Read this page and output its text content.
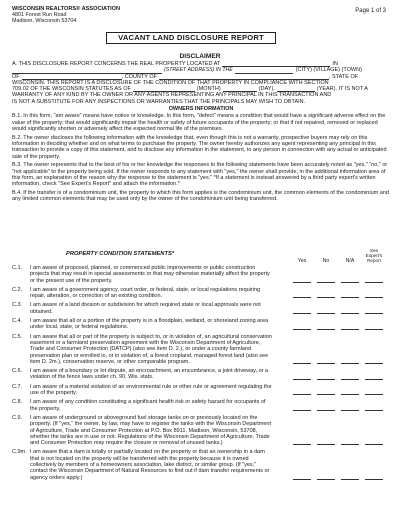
WISCONSIN REALTORS® ASSOCIATION
4801 Forest Run Road
Madison, Wisconsin 53704
Page 1 of 3
VACANT LAND DISCLOSURE REPORT
DISCLAIMER
A. THIS DISCLOSURE REPORT CONCERNS THE REAL PROPERTY LOCATED AT	IN
(STREET ADDRESS) IN THE	(CITY) (VILLAGE) (TOWN)
OF	, COUNTY OF	, STATE OF
WISCONSIN. THIS REPORT IS A DISCLOSURE OF THE CONDITION OF THAT PROPERTY IN COMPLIANCE WITH SECTION
709.02 OF THE WISCONSIN STATUTES AS OF	(MONTH)	(DAY),	(YEAR). IT IS NOT A
WARRANTY OF ANY KIND BY THE OWNER OR ANY AGENTS REPRESENTING ANY PRINCIPAL IN THIS TRANSACTION AND
IS NOT A SUBSTITUTE FOR ANY INSPECTIONS OR WARRANTIES THAT THE PRINCIPALS MAY WISH TO OBTAIN.
OWNERS INFORMATION
B.1. In this form, "am aware" means have notice or knowledge. In this form, "defect" means a condition that would have a significant adverse effect on the value of the property; that would significantly impair the health or safety of future occupants of the property; or that if not repaired, removed or replaced would significantly shorten or adversely affect the expected normal life of the premises.
B.2. The owner discloses the following information with the knowledge that, even though this is not a warranty, prospective buyers may rely on this information in deciding whether and on what terms to purchase the property. The owner hereby authorizes any agent representing any principal in this transaction to provide a copy of this statement, and to disclose any information in the statement, to any person in connection with any actual or anticipated sale of the property.
B.3. The owner represents that to the best of his or her knowledge the responses to the following statements have been accurately noted as "yes," "no," or "not applicable" to the property being sold. If the owner responds to any statement with "yes," the owner shall provide, in the additional information area of this form, an explanation of the reason why the response to the statement is "yes." *If a statement is instead answered by a third party expert's written information, check "See Expert's Report" and attach the information.*
B.4. If the transfer is of a condominium unit, the property to which this form applies is the condominium unit, the common elements of the condominium and any limited common elements that may be used only by the owner of the condominium unit being transferred.
PROPERTY CONDITION STATEMENTS*
Yes	No	N/A
See Expert's Report
C.1.	I am aware of proposed, planned, or commenced public improvements or public construction projects that may result in special assessments or that may otherwise materially affect the property or the present use of the property.
C.2.	I am aware of a government agency, court order, or federal, state, or local regulations requiring repair, alteration, or correction of an existing condition.
C.3.	I am aware of a land division or subdivision for which required state or local approvals were not obtained.
C.4.	I am aware that all or a portion of the property is in a floodplain, wetland, or shoreland zoning area under local, state, or federal regulations.
C.5.	I am aware that all or part of the property is subject to, or in violation of, an agricultural conservation easement or a farmland preservation agreement with the Wisconsin Department of Agriculture, Trade and Consumer Protection (DATCP) (also see item D. 2.), or under a county farmland preservation plan or enrolled in, or in violation of, a forest cropland, managed forest land (also see item D. 2m.), conservation reserve, or other comparable program.
C.6.	I am aware of a boundary or lot dispute, an encroachment, an encumbrance, a joint driveway, or a violation of the fence laws under ch. 90, Wis. stats.
C.7.	I am aware of a material violation of an environmental rule or other rule or agreement regulating the use of the property.
C.8.	I am aware of any condition constituting a significant health risk or safety hazard for occupants of the property.
C.9.	I am aware of underground or aboveground fuel storage tanks on or previously located on the property. (If "yes," the owner, by law, may have to register the tanks with the Wisconsin Department of Agriculture, Trade and Consumer Protection at P.O. Box 8911, Madison, Wisconsin, 53708, whether the tanks are in use or not. Regulations of the Wisconsin Department of Agriculture, Trade and Consumer Protection may require the closure or removal of unused tanks.)
C.9m. I am aware that a dam is totally or partially located on the property or that an ownership in a dam that is not located on the property will be transferred with the property because it is owned collectively by members of a homeowners association, lake district, or similar group. (If "yes," contact the Wisconsin Department of Natural Resources to find out if dam transfer requirements or agency orders apply.)
